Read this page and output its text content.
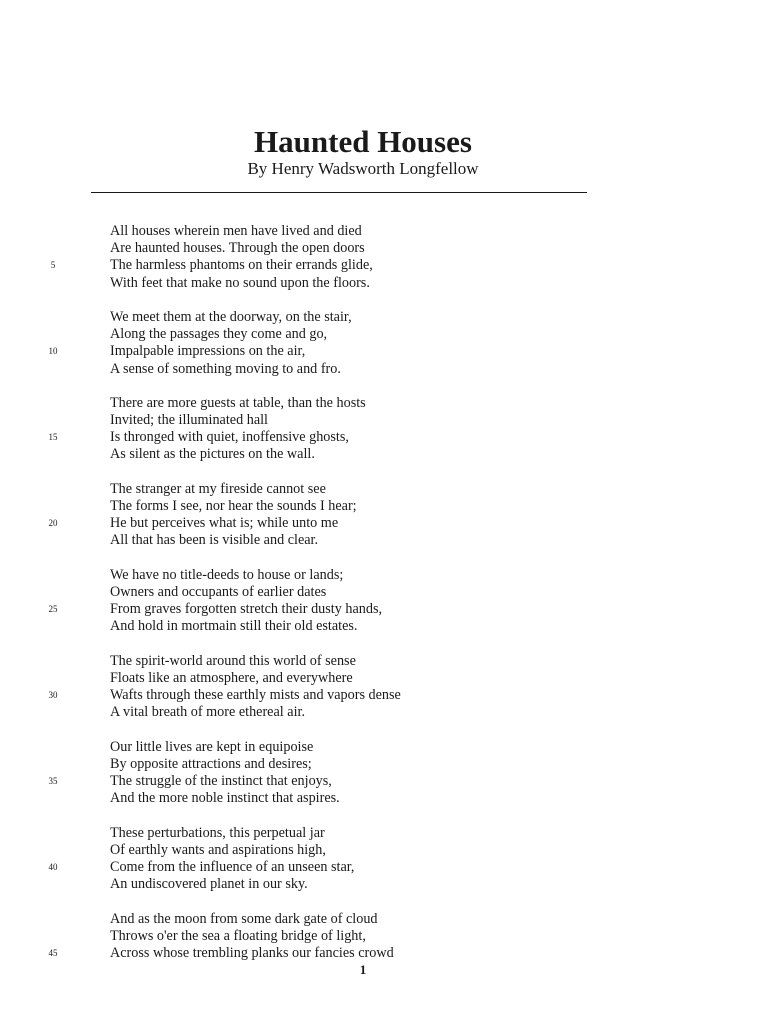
Haunted Houses
By Henry Wadsworth Longfellow
All houses wherein men have lived and died
Are haunted houses. Through the open doors
5	The harmless phantoms on their errands glide,
With feet that make no sound upon the floors.
We meet them at the doorway, on the stair,
Along the passages they come and go,
10	Impalpable impressions on the air,
A sense of something moving to and fro.
There are more guests at table, than the hosts
Invited; the illuminated hall
15	Is thronged with quiet, inoffensive ghosts,
As silent as the pictures on the wall.
The stranger at my fireside cannot see
The forms I see, nor hear the sounds I hear;
20	He but perceives what is; while unto me
All that has been is visible and clear.
We have no title-deeds to house or lands;
Owners and occupants of earlier dates
25	From graves forgotten stretch their dusty hands,
And hold in mortmain still their old estates.
The spirit-world around this world of sense
Floats like an atmosphere, and everywhere
30	Wafts through these earthly mists and vapors dense
A vital breath of more ethereal air.
Our little lives are kept in equipoise
By opposite attractions and desires;
35	The struggle of the instinct that enjoys,
And the more noble instinct that aspires.
These perturbations, this perpetual jar
Of earthly wants and aspirations high,
40	Come from the influence of an unseen star,
An undiscovered planet in our sky.
And as the moon from some dark gate of cloud
Throws o'er the sea a floating bridge of light,
45	Across whose trembling planks our fancies crowd
1
